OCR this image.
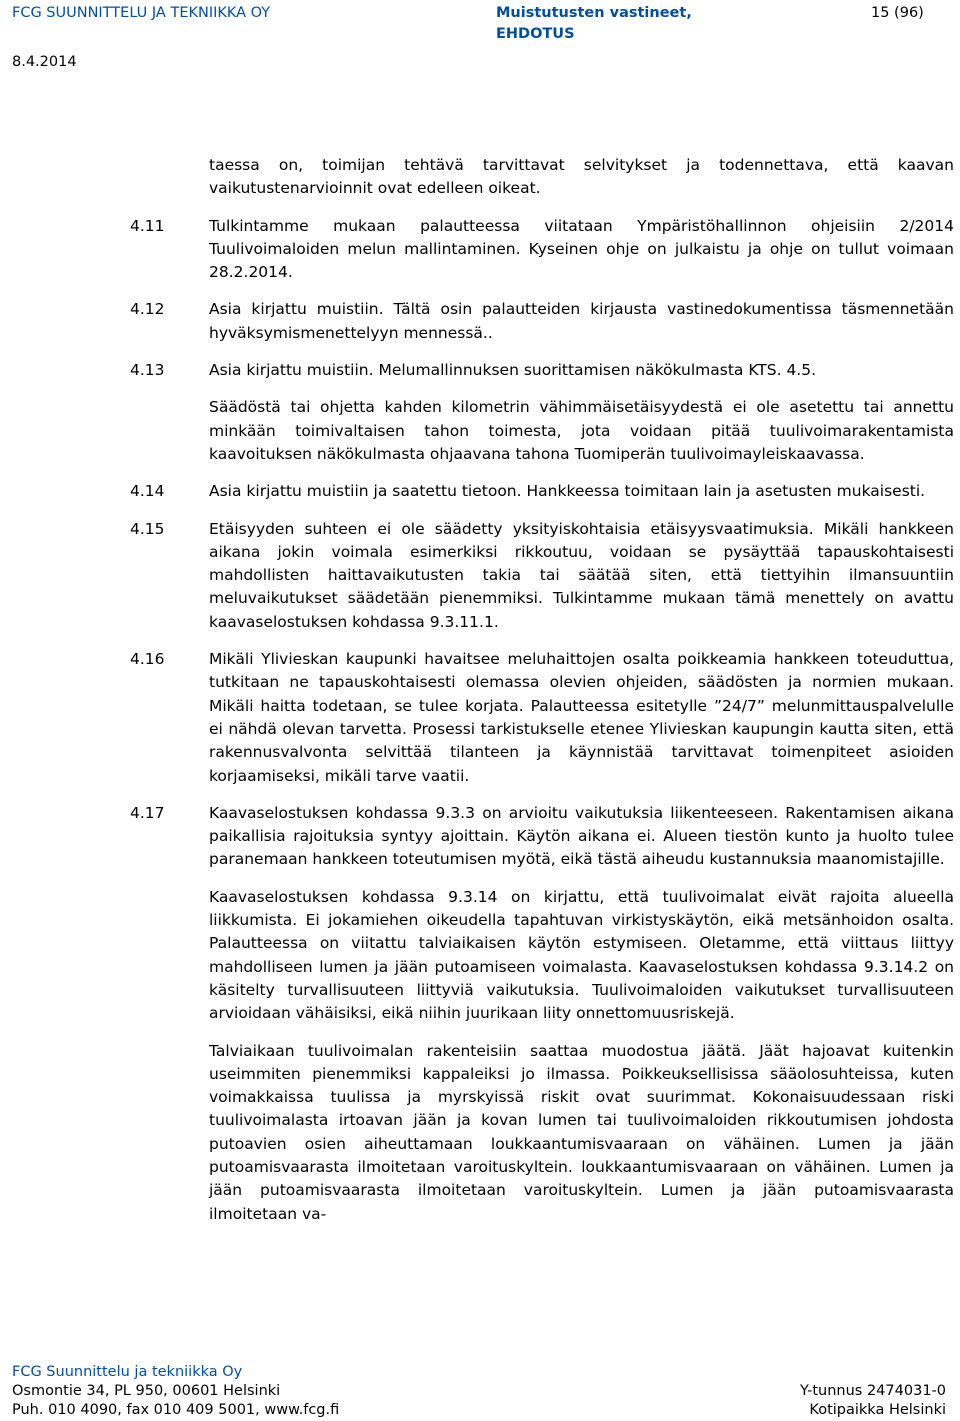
FCG SUUNNITTELU JA TEKNIIKKA OY	Muistutusten vastineet,
EHDOTUS
15 (96)
8.4.2014

taessa on, toimijan tehtävä tarvittavat selvitykset ja todennettava, että kaavan vaikutustenarvioinnit ovat edelleen oikeat.

4.11	Tulkintamme mukaan palautteessa viitataan Ympäristöhallinnon ohjeisiin 2/2014 Tuulivoimaloiden melun mallintaminen. Kyseinen ohje on julkaistu ja ohje on tullut voimaan 28.2.2014.

4.12	Asia kirjattu muistiin. Tältä osin palautteiden kirjausta vastinedokumentissa täsmennetään hyväksymismenettelyyn mennessä..

4.13	Asia kirjattu muistiin. Melumallinnuksen suorittamisen näkökulmasta KTS. 4.5.

Säädöstä tai ohjetta kahden kilometrin vähimmäisetäisyydestä ei ole asetettu tai annettu minkään toimivaltaisen tahon toimesta, jota voidaan pitää tuulivoimarakentamista kaavoituksen näkökulmasta ohjaavana tahona Tuomiperän tuulivoimayleiskaavassa.

4.14	Asia kirjattu muistiin ja saatettu tietoon. Hankkeessa toimitaan lain ja asetusten mukaisesti.

4.15	Etäisyyden suhteen ei ole säädetty yksityiskohtaisia etäisyysvaatimuksia. Mikäli hankkeen aikana jokin voimala esimerkiksi rikkoutuu, voidaan se pysäyttää tapauskohtaisesti mahdollisten haittavaikutusten takia tai säätää siten, että tiettyihin ilmansuuntiin meluvaikutukset säädetään pienemmiksi. Tulkintamme mukaan tämä menettely on avattu kaavaselostuksen kohdassa 9.3.11.1.

4.16	Mikäli Ylivieskan kaupunki havaitsee meluhaittojen osalta poikkeamia hankkeen toteuduttua, tutkitaan ne tapauskohtaisesti olemassa olevien ohjeiden, säädösten ja normien mukaan. Mikäli haitta todetaan, se tulee korjata. Palautteessa esitetylle ”24/7” melunmittauspalvelulle ei nähdä olevan tarvetta. Prosessi tarkistukselle etenee Ylivieskan kaupungin kautta siten, että rakennusvalvonta selvittää tilanteen ja käynnistää tarvittavat toimenpiteet asioiden korjaamiseksi, mikäli tarve vaatii.

4.17	Kaavaselostuksen kohdassa 9.3.3 on arvioitu vaikutuksia liikenteeseen. Rakentamisen aikana paikallisia rajoituksia syntyy ajoittain. Käytön aikana ei. Alueen tiestön kunto ja huolto tulee paranemaan hankkeen toteutumisen myötä, eikä tästä aiheudu kustannuksia maanomistajille.

Kaavaselostuksen kohdassa 9.3.14 on kirjattu, että tuulivoimalat eivät rajoita alueella liikkumista. Ei jokamiehen oikeudella tapahtuvan virkistyskäytön, eikä metsänhoidon osalta. Palautteessa on viitattu talviaikaisen käytön estymiseen. Oletamme, että viittaus liittyy mahdolliseen lumen ja jään putoamiseen voimalasta. Kaavaselostuksen kohdassa 9.3.14.2 on käsitelty turvallisuuteen liittyviä vaikutuksia. Tuulivoimaloiden vaikutukset turvallisuuteen arvioidaan vähäisiksi, eikä niihin juurikaan liity onnettomuusriskejä.

Talviaikaan tuulivoimalan rakenteisiin saattaa muodostua jäätä. Jäät hajoavat kuitenkin useimmiten pienemmiksi kappaleiksi jo ilmassa. Poikkeuksellisissa sääolosuhteissa, kuten voimakkaissa tuulissa ja myrskyissä riskit ovat suurimmat. Kokonaisuudessaan riski tuulivoimalasta irtoavan jään ja kovan lumen tai tuulivoimaloiden rikkoutumisen johdosta putoavien osien aiheuttamaan loukkaantumisvaaraan on vähäinen. Lumen ja jään putoamisvaarasta ilmoitetaan varoituskyltein. loukkaantumisvaaraan on vähäinen. Lumen ja jään putoamisvaarasta ilmoitetaan varoituskyltein. Lumen ja jään putoamisvaarasta ilmoitetaan va-

FCG Suunnittelu ja tekniikka Oy
Osmontie 34, PL 950, 00601 Helsinki
Puh. 010 4090, fax 010 409 5001, www.fcg.fi
Y-tunnus 2474031-0
Kotipaikka Helsinki
